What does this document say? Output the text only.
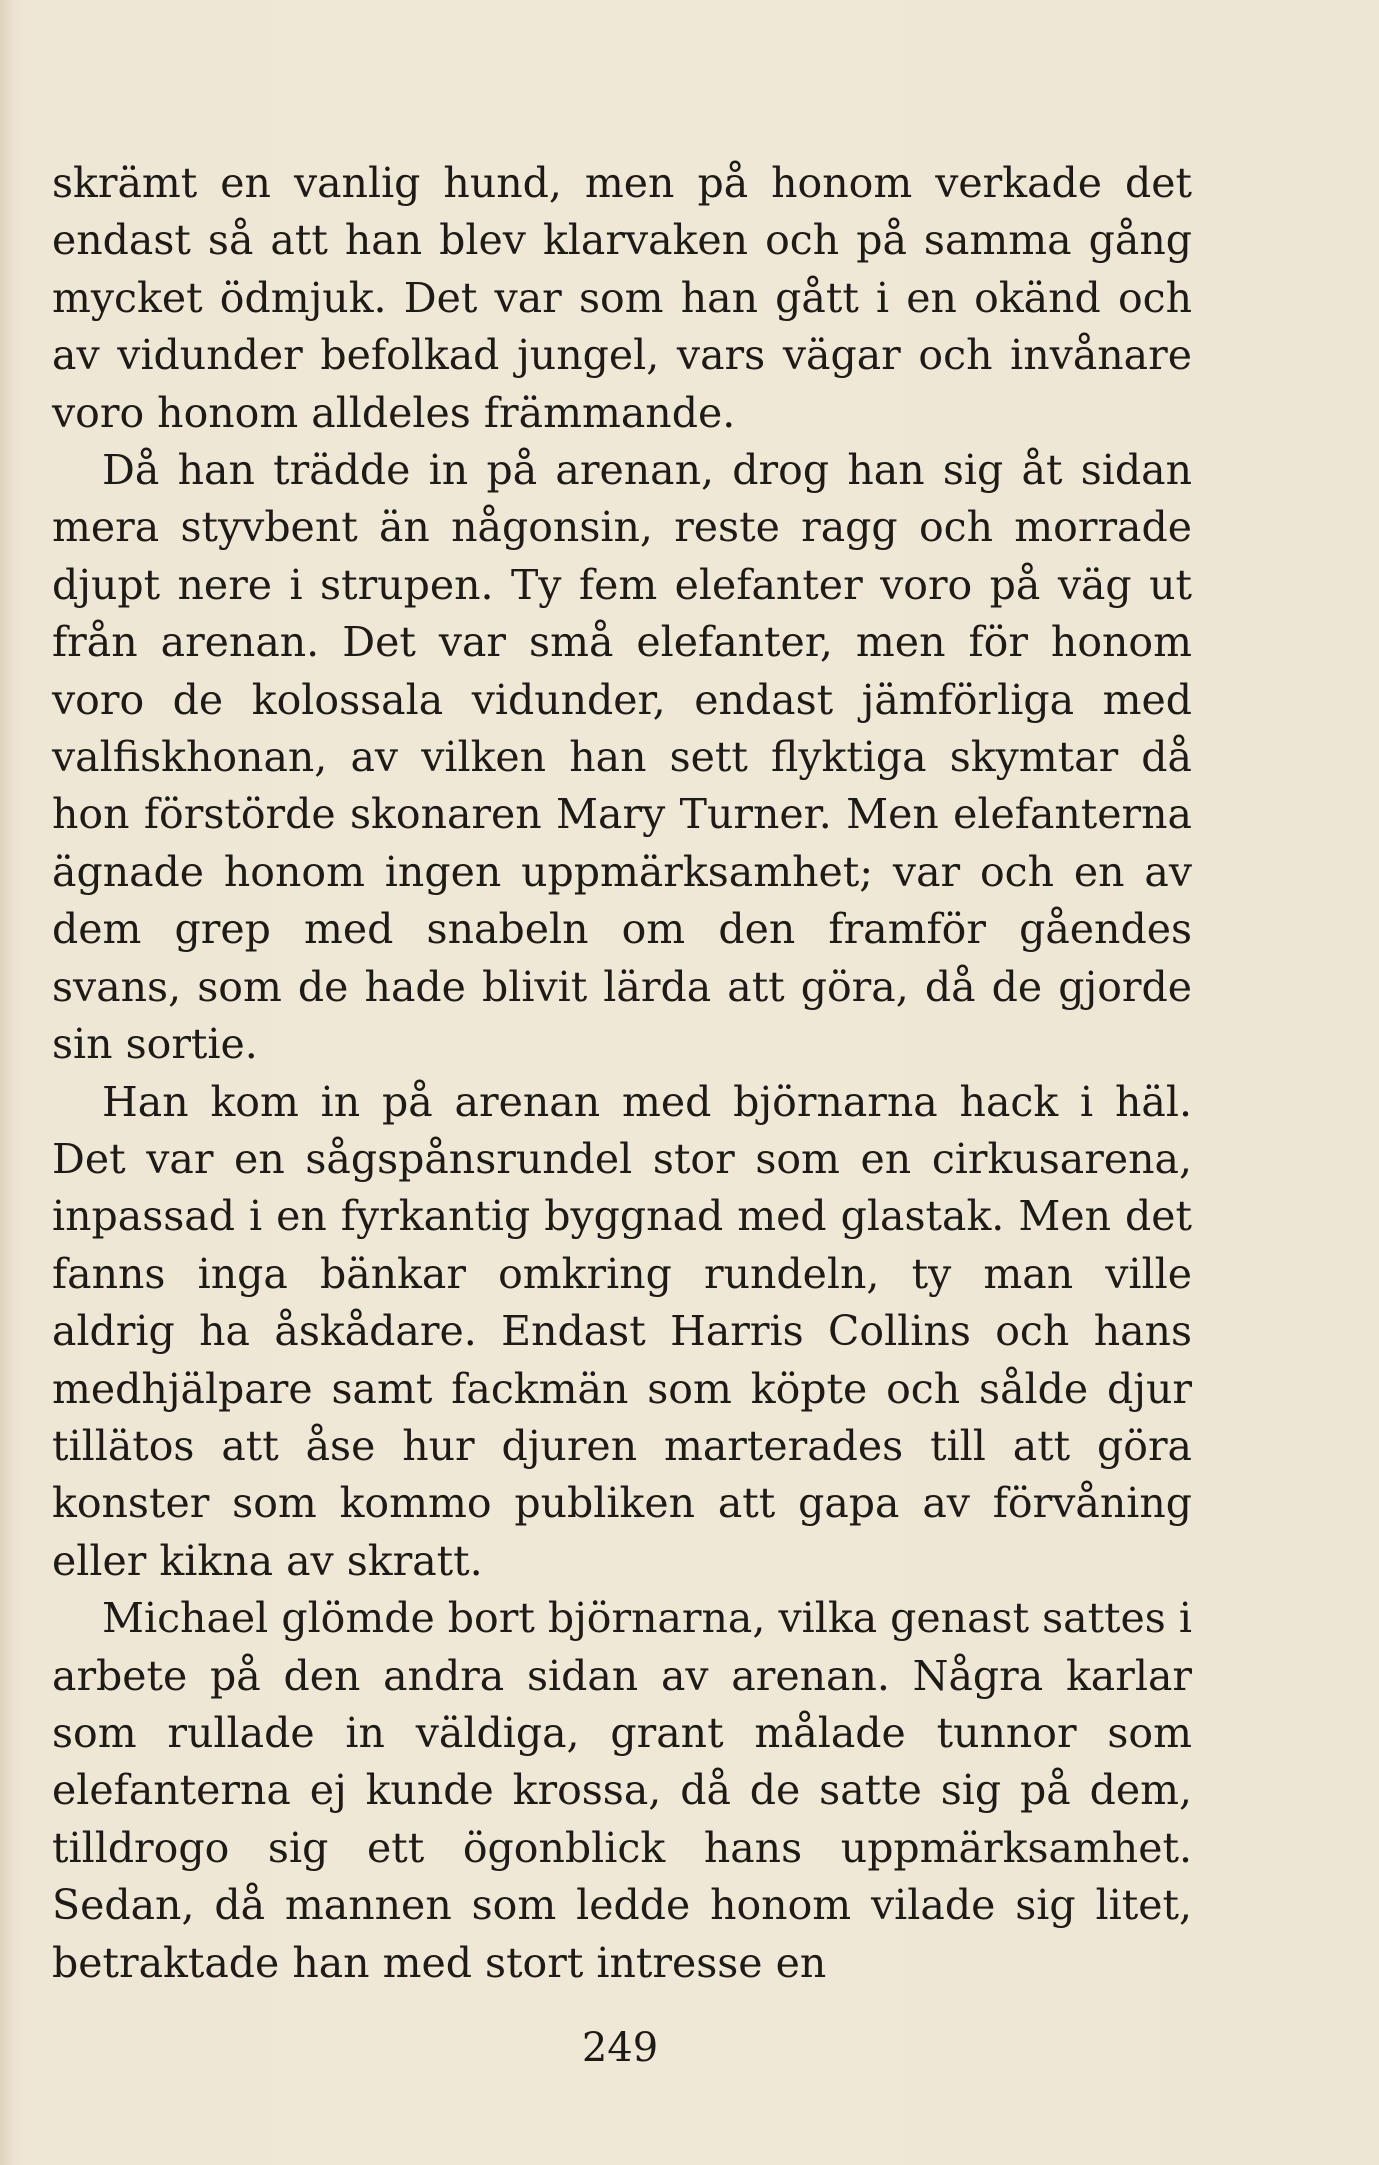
skrämt en vanlig hund, men på honom verkade det endast så att han blev klarvaken och på samma gång mycket ödmjuk. Det var som han gått i en okänd och av vidunder befolkad jungel, vars vägar och invånare voro honom alldeles främmande.

Då han trädde in på arenan, drog han sig åt sidan mera styvbent än någonsin, reste ragg och morrade djupt nere i strupen. Ty fem elefanter voro på väg ut från arenan. Det var små elefanter, men för honom voro de kolossala vidunder, endast jämförliga med valfiskhonan, av vilken han sett flyktiga skymtar då hon förstörde skonaren Mary Turner. Men elefanterna ägnade honom ingen uppmärksamhet; var och en av dem grep med snabeln om den framför gåendes svans, som de hade blivit lärda att göra, då de gjorde sin sortie.

Han kom in på arenan med björnarna hack i häl. Det var en sågspånsrundel stor som en cirkusarena, inpassad i en fyrkantig byggnad med glastak. Men det fanns inga bänkar omkring rundeln, ty man ville aldrig ha åskådare. Endast Harris Collins och hans medhjälpare samt fackmän som köpte och sålde djur tillätos att åse hur djuren marterades till att göra konster som kommo publiken att gapa av förvåning eller kikna av skratt.

Michael glömde bort björnarna, vilka genast sattes i arbete på den andra sidan av arenan. Några karlar som rullade in väldiga, grant målade tunnor som elefanterna ej kunde krossa, då de satte sig på dem, tilldrogo sig ett ögonblick hans uppmärksamhet. Sedan, då mannen som ledde honom vilade sig litet, betraktade han med stort intresse en

249
